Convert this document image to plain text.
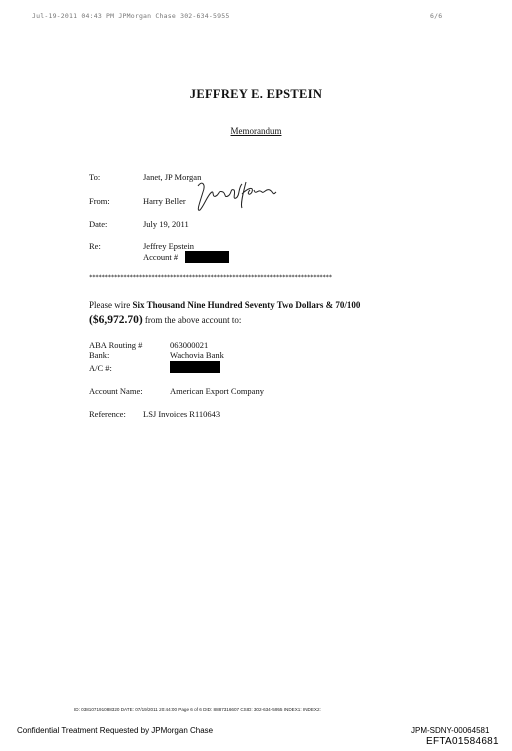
Jul-19-2011 04:43 PM JPMorgan Chase 302-634-5955	6/6
JEFFREY E. EPSTEIN
Memorandum
To:	Janet, JP Morgan
From:	Harry Beller
Date:	July 19, 2011
Re:	Jeffrey Epstein
Account #
******************************************************************************
Please wire Six Thousand Nine Hundred Seventy Two Dollars & 70/100
($6,972.70) from the above account to:
ABA Routing #	063000021
Bank:	Wachovia Bank
A/C #:
Account Name:	American Export Company
Reference: LSJ Invoices R110643
ID: 038107191088320 DATE: 07/19/2011 20:44:00 Page 6 of 6 DID: 8887316607 CSID: 302-634-5955 INDEX1: INDEX2:
Confidential Treatment Requested by JPMorgan Chase	JPM-SDNY-00064581
EFTA01584681
